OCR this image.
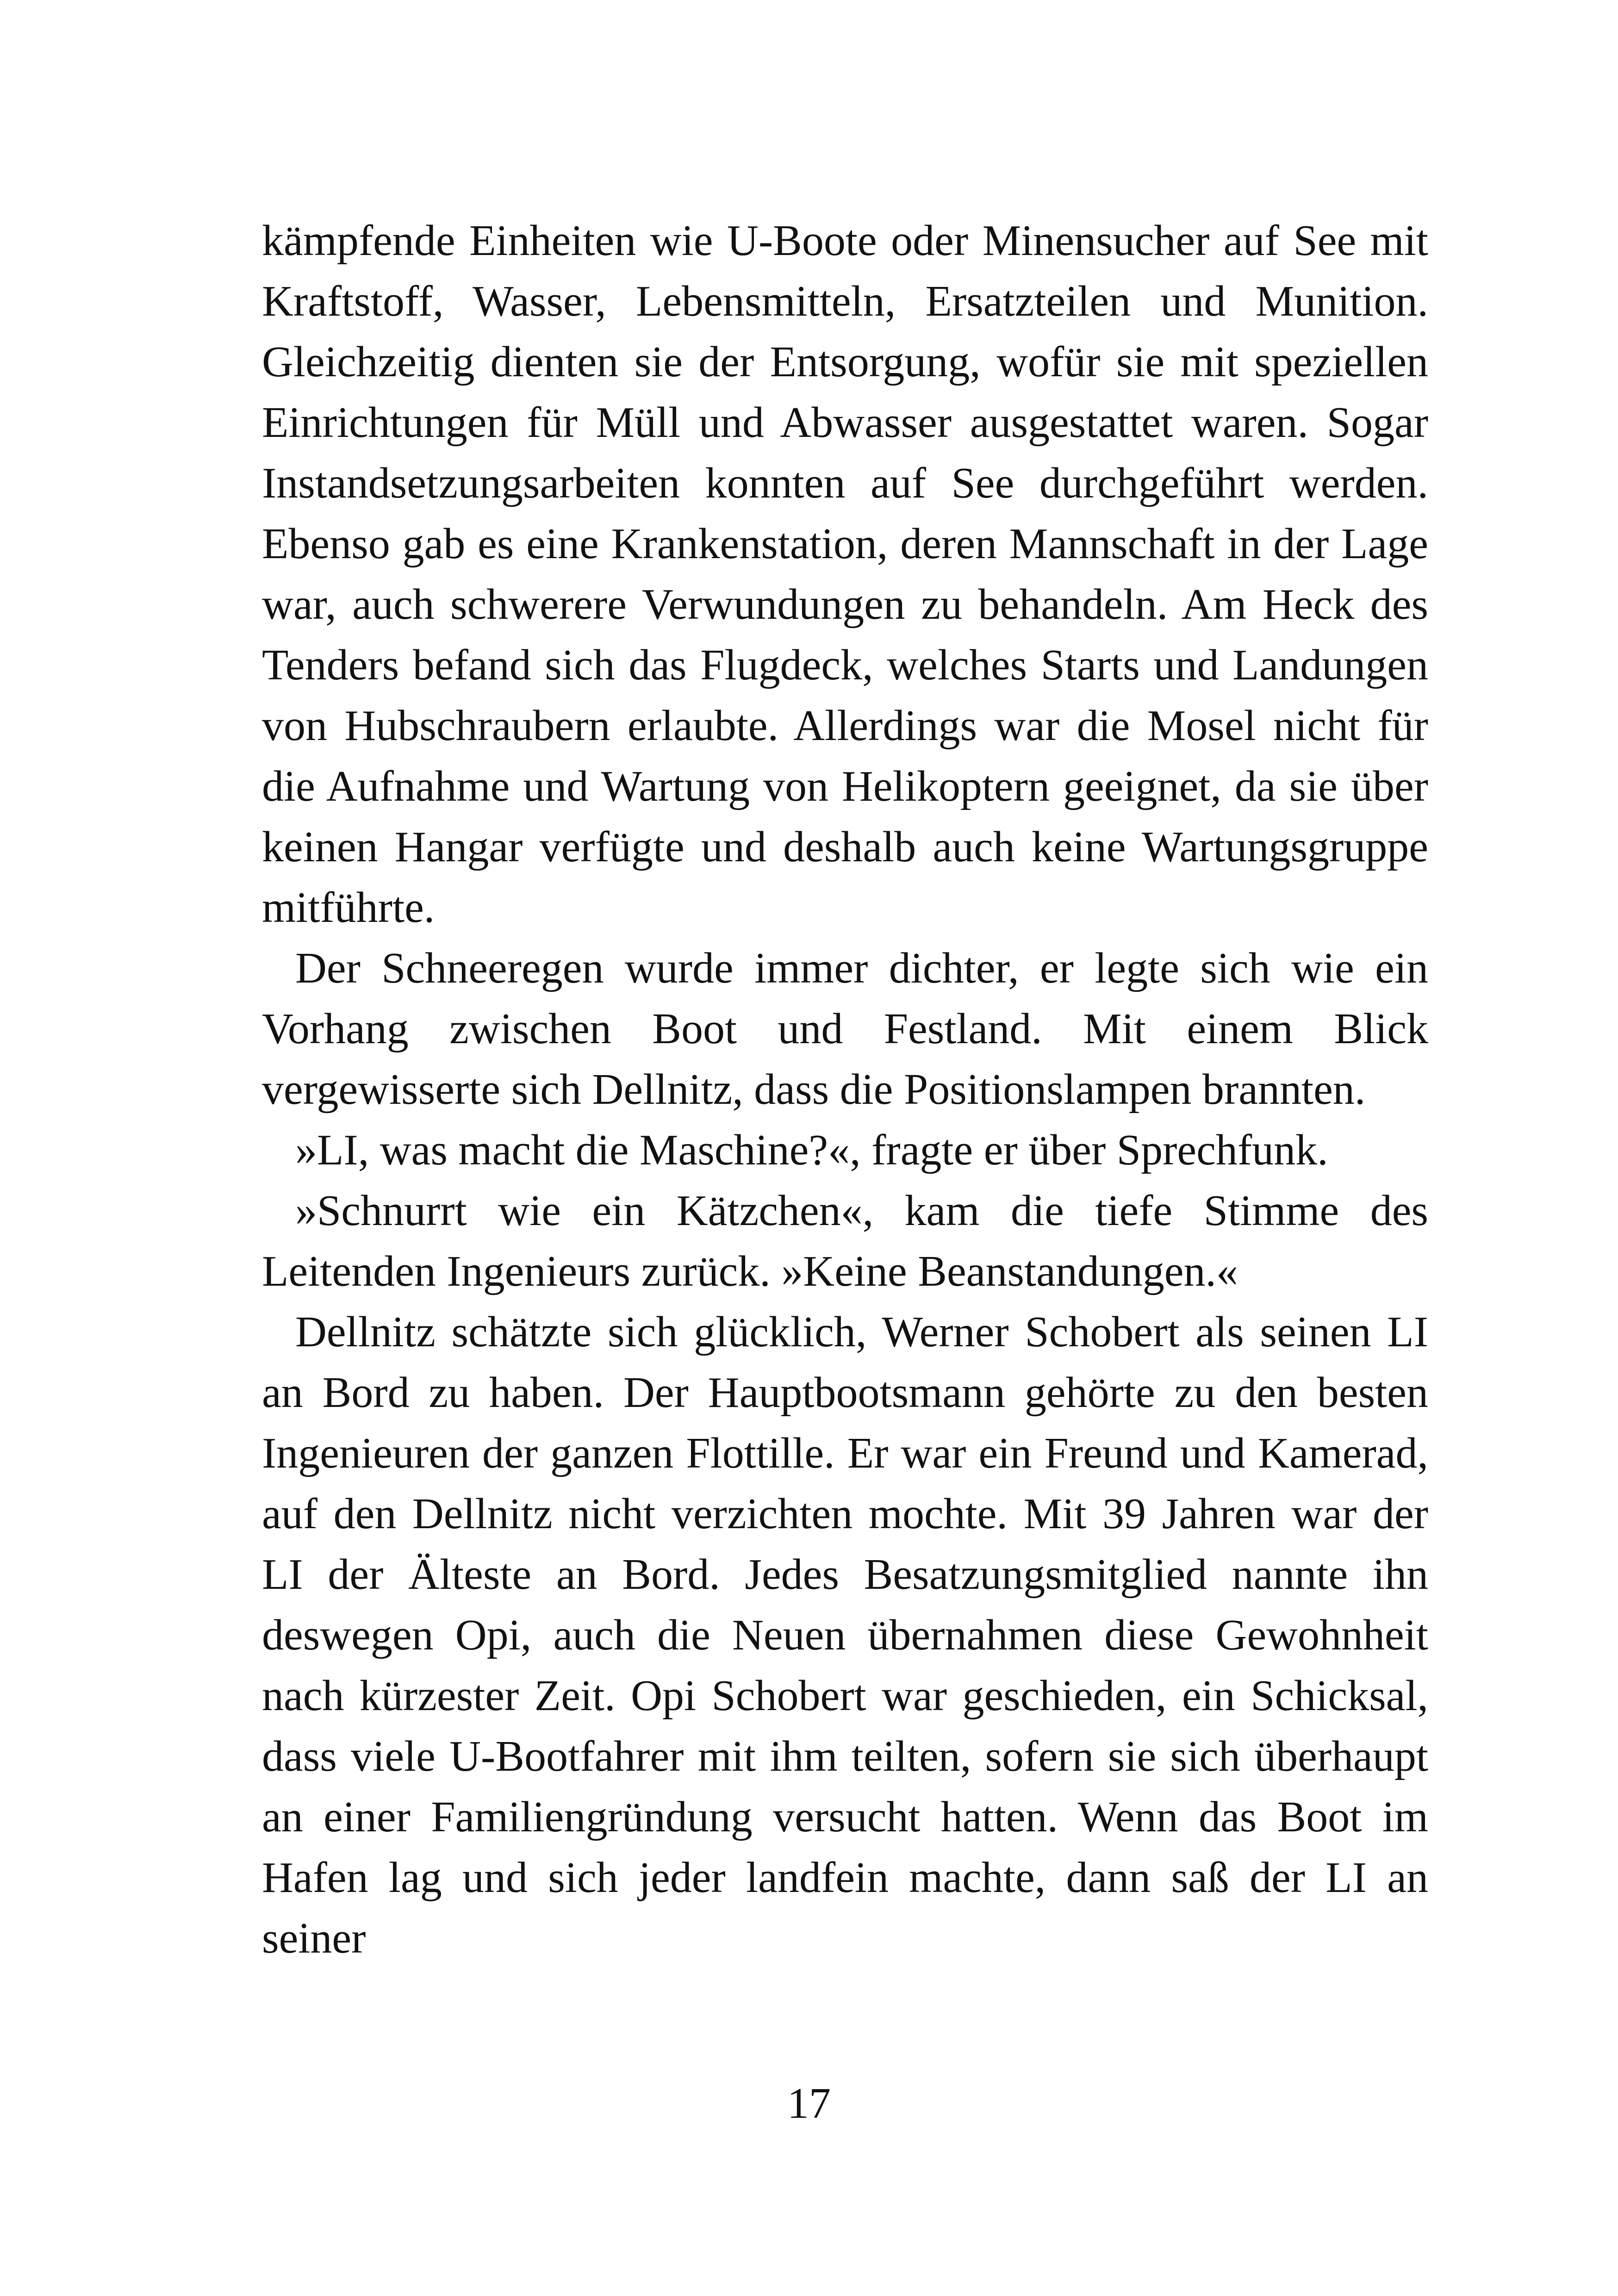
kämpfende Einheiten wie U-Boote oder Minensucher auf See mit Kraftstoff, Wasser, Lebensmitteln, Ersatzteilen und Munition. Gleichzeitig dienten sie der Entsorgung, wofür sie mit speziellen Einrichtungen für Müll und Abwasser ausgestattet waren. Sogar Instandsetzungsarbeiten konnten auf See durchgeführt werden. Ebenso gab es eine Krankenstation, deren Mannschaft in der Lage war, auch schwerere Verwundungen zu behandeln. Am Heck des Tenders befand sich das Flugdeck, welches Starts und Landungen von Hubschraubern erlaubte. Allerdings war die Mosel nicht für die Aufnahme und Wartung von Helikoptern geeignet, da sie über keinen Hangar verfügte und deshalb auch keine Wartungsgruppe mitführte.

Der Schneeregen wurde immer dichter, er legte sich wie ein Vorhang zwischen Boot und Festland. Mit einem Blick vergewisserte sich Dellnitz, dass die Positionslampen brannten.

»LI, was macht die Maschine?«, fragte er über Sprechfunk.

»Schnurrt wie ein Kätzchen«, kam die tiefe Stimme des Leitenden Ingenieurs zurück. »Keine Beanstandungen.«

Dellnitz schätzte sich glücklich, Werner Schobert als seinen LI an Bord zu haben. Der Hauptbootsmann gehörte zu den besten Ingenieuren der ganzen Flottille. Er war ein Freund und Kamerad, auf den Dellnitz nicht verzichten mochte. Mit 39 Jahren war der LI der Älteste an Bord. Jedes Besatzungsmitglied nannte ihn deswegen Opi, auch die Neuen übernahmen diese Gewohnheit nach kürzester Zeit. Opi Schobert war geschieden, ein Schicksal, dass viele U-Bootfahrer mit ihm teilten, sofern sie sich überhaupt an einer Familiengründung versucht hatten. Wenn das Boot im Hafen lag und sich jeder landfein machte, dann saß der LI an seiner

17
